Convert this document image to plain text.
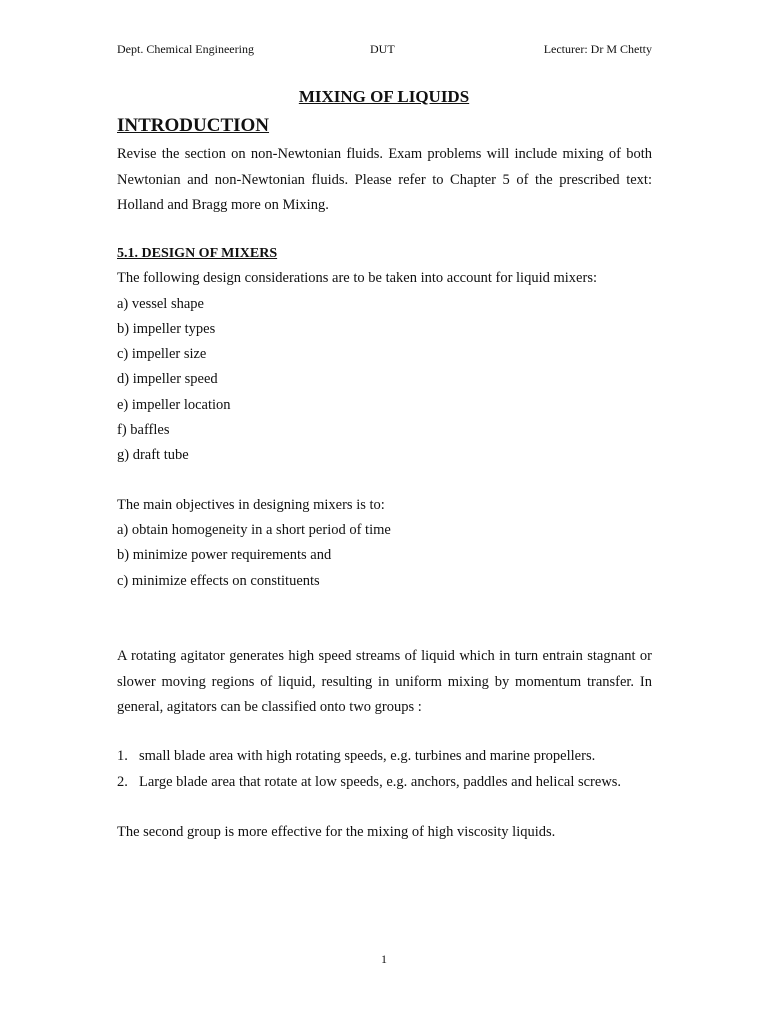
Dept. Chemical Engineering	DUT	Lecturer: Dr M Chetty
MIXING OF LIQUIDS
INTRODUCTION

Revise the section on non-Newtonian fluids. Exam problems will include mixing of both Newtonian and non-Newtonian fluids. Please refer to Chapter 5 of the prescribed text: Holland and Bragg more on Mixing.

5.1. DESIGN OF MIXERS
The following design considerations are to be taken into account for liquid mixers:
a) vessel shape
b) impeller types
c) impeller size
d) impeller speed
e) impeller location
f) baffles
g) draft tube
The main objectives in designing mixers is to:
a) obtain homogeneity in a short period of time
b) minimize power requirements and
c) minimize effects on constituents

A rotating agitator generates high speed streams of liquid which in turn entrain stagnant or slower moving regions of liquid, resulting in uniform mixing by momentum transfer. In general, agitators can be classified onto two groups :

1. small blade area with high rotating speeds, e.g. turbines and marine propellers.
2. Large blade area that rotate at low speeds, e.g. anchors, paddles and helical screws.
The second group is more effective for the mixing of high viscosity liquids.
1
